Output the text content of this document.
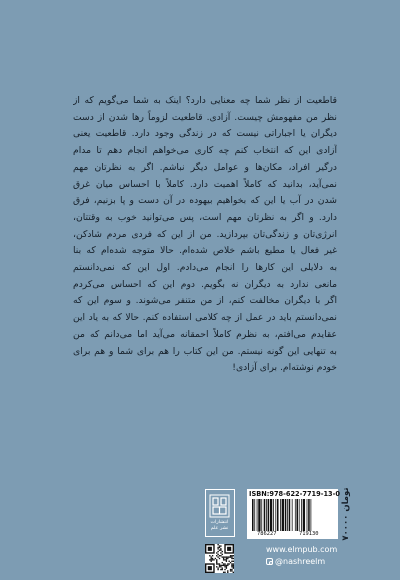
قاطعیت از نظر شما چه معنایی دارد؟ اینک به شما می‌گویم که از
نظر من مفهومش چیست. آزادی. قاطعیت لزوماً رها شدن از دست
دیگران یا اجباراتی نیست که در زندگی وجود دارد. قاطعیت یعنی
آزادی این که انتخاب کنم چه کاری می‌خواهم انجام دهم تا مدام
درگیر افراد، مکان‌ها و عوامل دیگر نباشم. اگر به نظرتان مهم
نمی‌آید، بدانید که کاملاً اهمیت دارد. کاملاً با احساس میان غرق
شدن در آب یا این که بخواهیم بیهوده در آن دست و پا بزنیم، فرق
دارد. و اگر به نظرتان مهم است، پس می‌توانید خوب به وقتتان،
انرژی‌تان و زندگی‌تان بپردازید. من از این که فردی مردم شادکن،
غیر فعال یا مطیع باشم خلاص شده‌ام. حالا متوجه شده‌ام که بنا
به دلایلی این کارها را انجام می‌دادم. اول این که نمی‌دانستم
مانعی ندارد به دیگران نه بگویم. دوم این که احساس می‌کردم
اگر با دیگران مخالفت کنم، از من متنفر می‌شوند. و سوم این که
نمی‌دانستم باید در عمل از چه کلامی استفاده کنم. حالا که به یاد این
عقایدم می‌افتم، به نظرم کاملاً احمقانه می‌آید اما می‌دانم که من
به تنهایی این گونه نیستم. من این کتاب را هم برای شما و هم برای
خودم نوشته‌ام. برای آزادی!
انتشارات نشر علم
ISBN:978-622-7719-13-0
786227	719130	۷۰۰۰۰ تومان
www.elmpub.com
@nashreelm
